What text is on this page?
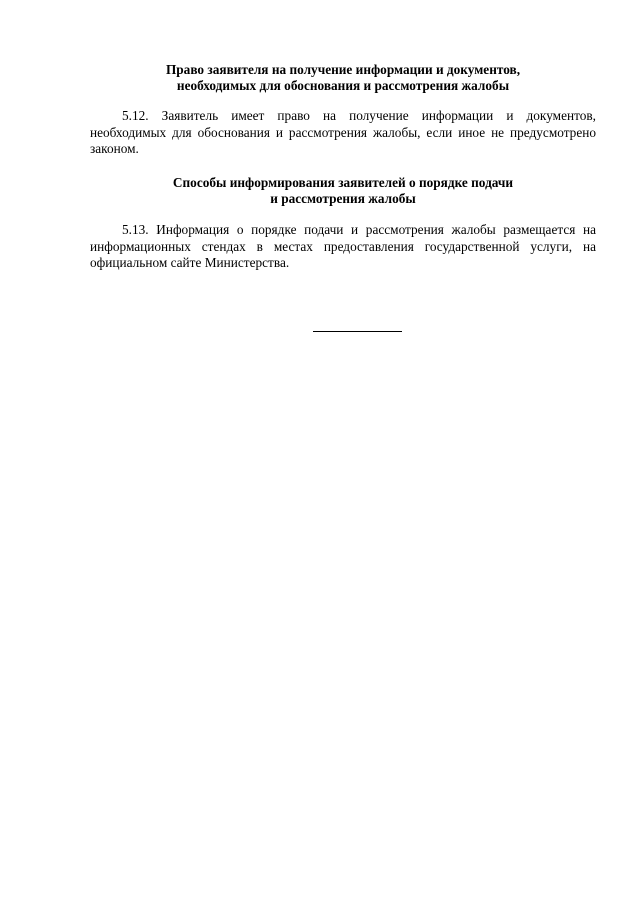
Право заявителя на получение информации и документов,
необходимых для обоснования и рассмотрения жалобы

5.12. Заявитель имеет право на получение информации и документов, необходимых для обоснования и рассмотрения жалобы, если иное не предусмотрено законом.

Способы информирования заявителей о порядке подачи
и рассмотрения жалобы

5.13. Информация о порядке подачи и рассмотрения жалобы размещается на информационных стендах в местах предоставления государственной услуги, на официальном сайте Министерства.
